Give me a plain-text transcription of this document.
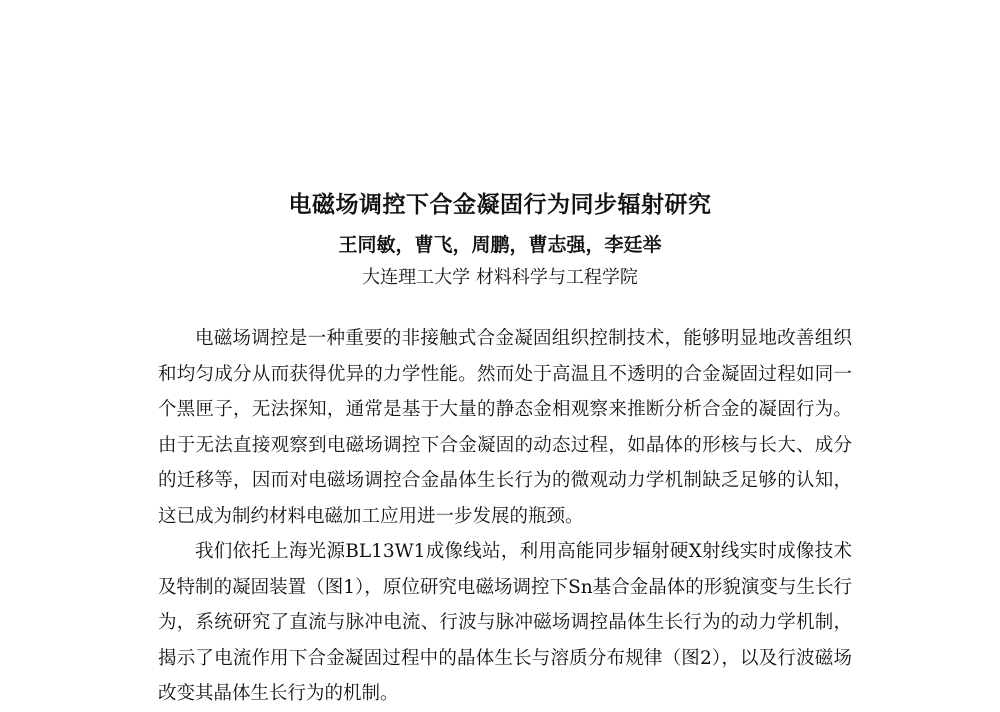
电磁场调控下合金凝固行为同步辐射研究
王同敏，曹飞，周鹏，曹志强，李廷举
大连理工大学 材料科学与工程学院

电磁场调控是一种重要的非接触式合金凝固组织控制技术，能够明显地改善组织和均匀成分从而获得优异的力学性能。然而处于高温且不透明的合金凝固过程如同一个黑匣子，无法探知，通常是基于大量的静态金相观察来推断分析合金的凝固行为。由于无法直接观察到电磁场调控下合金凝固的动态过程，如晶体的形核与长大、成分的迁移等，因而对电磁场调控合金晶体生长行为的微观动力学机制缺乏足够的认知，这已成为制约材料电磁加工应用进一步发展的瓶颈。

我们依托上海光源BL13W1成像线站，利用高能同步辐射硬X射线实时成像技术及特制的凝固装置（图1），原位研究电磁场调控下Sn基合金晶体的形貌演变与生长行为，系统研究了直流与脉冲电流、行波与脉冲磁场调控晶体生长行为的动力学机制，揭示了电流作用下合金凝固过程中的晶体生长与溶质分布规律（图2），以及行波磁场改变其晶体生长行为的机制。
